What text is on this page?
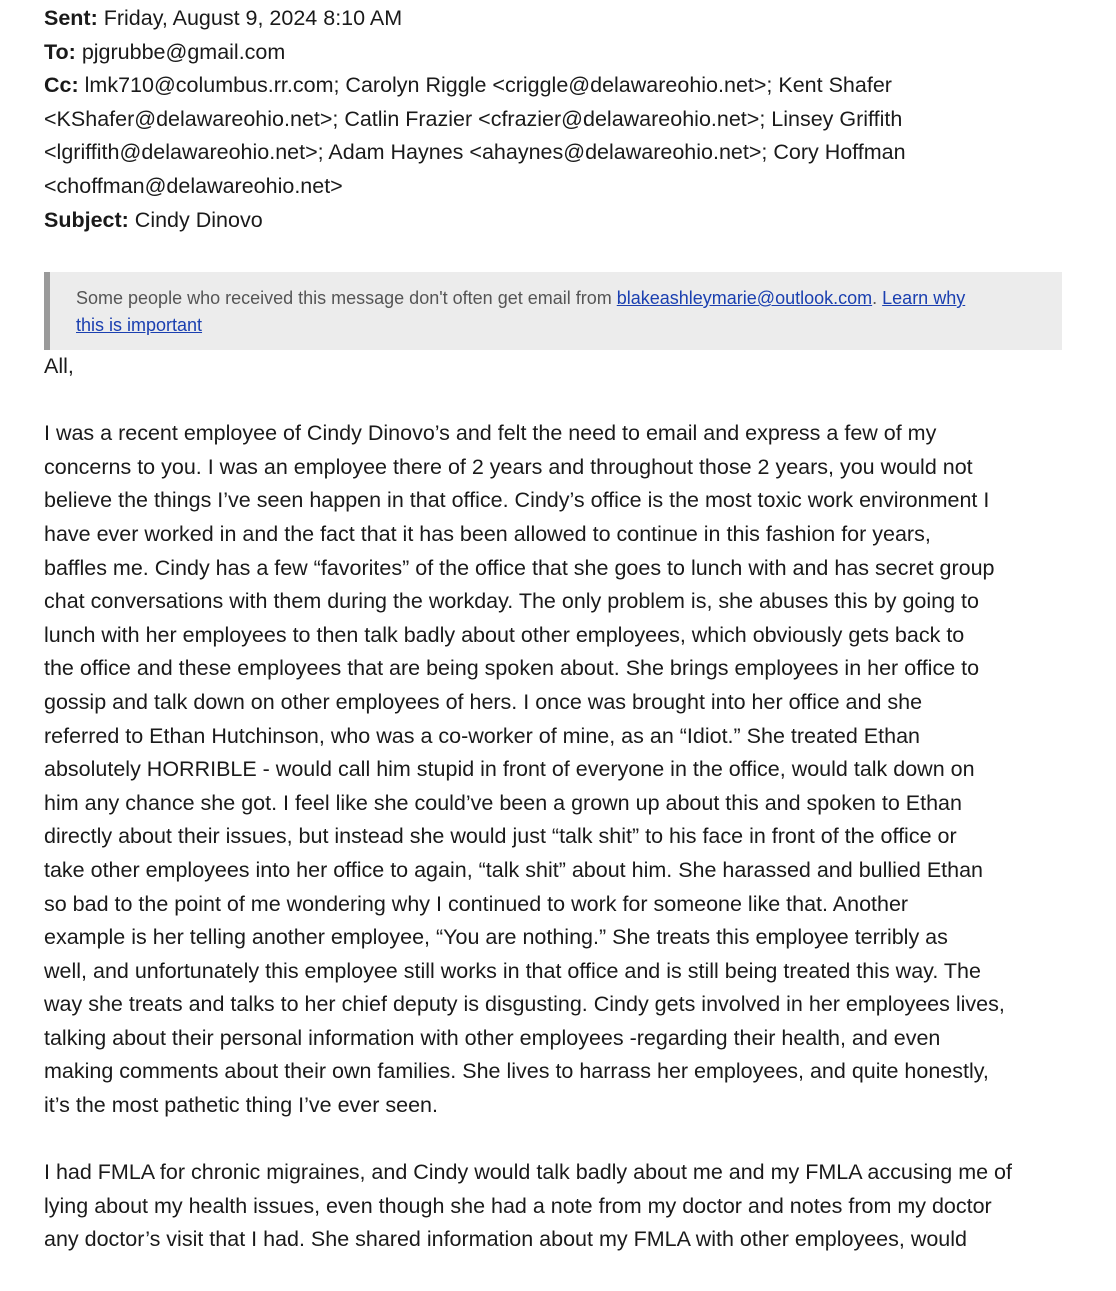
Sent: Friday, August 9, 2024 8:10 AM

To: pjgrubbe@gmail.com

Cc: lmk710@columbus.rr.com; Carolyn Riggle <criggle@delawareohio.net>; Kent Shafer

<KShafer@delawareohio.net>; Catlin Frazier <cfrazier@delawareohio.net>; Linsey Griffith

<lgriffith@delawareohio.net>; Adam Haynes <ahaynes@delawareohio.net>; Cory Hoffman

<choffman@delawareohio.net>

Subject: Cindy Dinovo

Some people who received this message don't often get email from blakeashleymarie@outlook.com. Learn why
this is important

All,

I was a recent employee of Cindy Dinovo’s and felt the need to email and express a few of my
concerns to you. I was an employee there of 2 years and throughout those 2 years, you would not
believe the things I’ve seen happen in that office. Cindy’s office is the most toxic work environment I
have ever worked in and the fact that it has been allowed to continue in this fashion for years,
baffles me. Cindy has a few “favorites” of the office that she goes to lunch with and has secret group
chat conversations with them during the workday. The only problem is, she abuses this by going to
lunch with her employees to then talk badly about other employees, which obviously gets back to
the office and these employees that are being spoken about. She brings employees in her office to
gossip and talk down on other employees of hers. I once was brought into her office and she
referred to Ethan Hutchinson, who was a co-worker of mine, as an “Idiot.” She treated Ethan
absolutely HORRIBLE - would call him stupid in front of everyone in the office, would talk down on
him any chance she got. I feel like she could’ve been a grown up about this and spoken to Ethan
directly about their issues, but instead she would just “talk shit” to his face in front of the office or
take other employees into her office to again, “talk shit” about him. She harassed and bullied Ethan
so bad to the point of me wondering why I continued to work for someone like that. Another
example is her telling another employee, “You are nothing.” She treats this employee terribly as
well, and unfortunately this employee still works in that office and is still being treated this way. The
way she treats and talks to her chief deputy is disgusting. Cindy gets involved in her employees lives,
talking about their personal information with other employees -regarding their health, and even
making comments about their own families. She lives to harrass her employees, and quite honestly,
it’s the most pathetic thing I’ve ever seen.

I had FMLA for chronic migraines, and Cindy would talk badly about me and my FMLA accusing me of
lying about my health issues, even though she had a note from my doctor and notes from my doctor
any doctor’s visit that I had. She shared information about my FMLA with other employees, would
